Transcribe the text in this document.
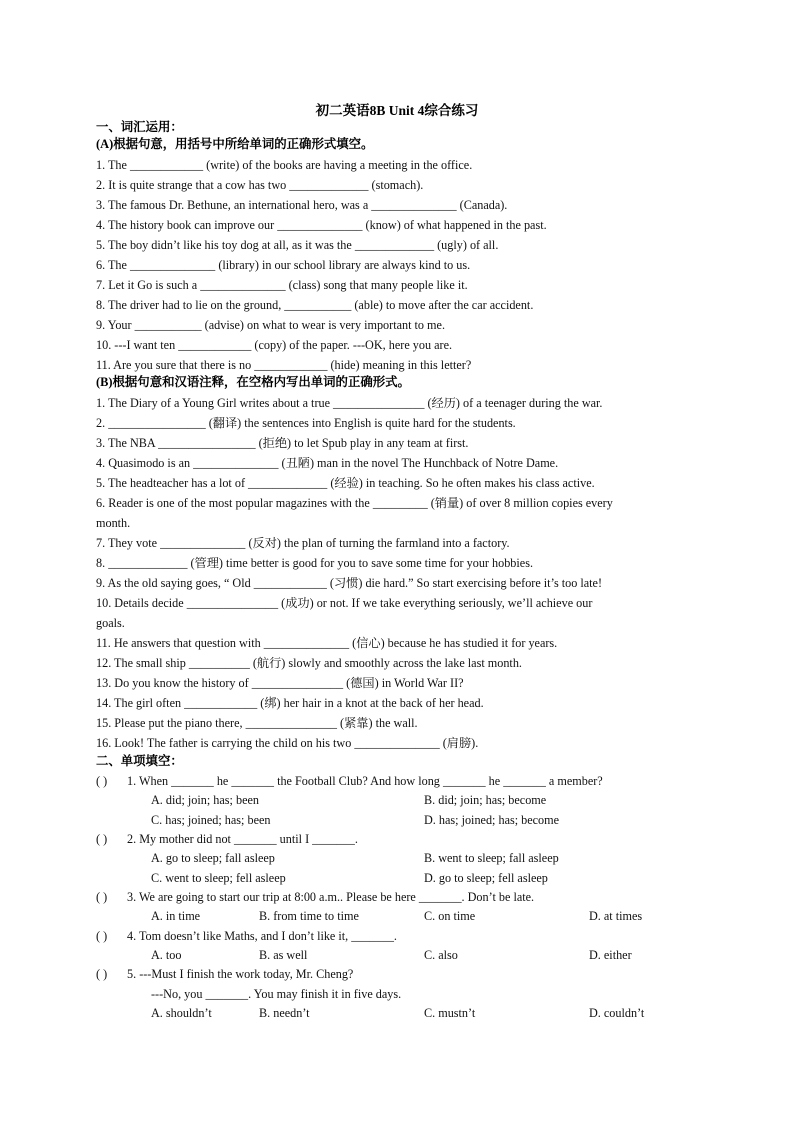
初二英语8B Unit 4综合练习

一、词汇运用：

(A)根据句意，用括号中所给单词的正确形式填空。

1. The ____________ (write) of the books are having a meeting in the office.

2. It is quite strange that a cow has two _____________ (stomach).

3. The famous Dr. Bethune, an international hero, was a ______________ (Canada).

4. The history book can improve our ______________ (know) of what happened in the past.

5. The boy didn’t like his toy dog at all, as it was the _____________ (ugly) of all.

6. The ______________ (library) in our school library are always kind to us.

7. Let it Go is such a ______________ (class) song that many people like it.

8. The driver had to lie on the ground, ___________ (able) to move after the car accident.

9. Your ___________ (advise) on what to wear is very important to me.

10. ---I want ten ____________ (copy) of the paper. ---OK, here you are.

11. Are you sure that there is no ____________ (hide) meaning in this letter?

(B)根据句意和汉语注释，在空格内写出单词的正确形式。

1. The Diary of a Young Girl writes about a true _______________ (经历) of a teenager during the war.

2. ________________ (翻译) the sentences into English is quite hard for the students.

3. The NBA ________________ (拒绝) to let Spub play in any team at first.

4. Quasimodo is an ______________ (丑陋) man in the novel The Hunchback of Notre Dame.

5. The headteacher has a lot of _____________ (经验) in teaching. So he often makes his class active.

6. Reader is one of the most popular magazines with the _________ (销量) of over 8 million copies every

month.

7. They vote ______________ (反对) the plan of turning the farmland into a factory.

8. _____________ (管理) time better is good for you to save some time for your hobbies.

9. As the old saying goes, “ Old ____________ (习惯) die hard.” So start exercising before it’s too late!

10. Details decide _______________ (成功) or not. If we take everything seriously, we’ll achieve our

goals.

11. He answers that question with ______________ (信心) because he has studied it for years.

12. The small ship __________ (航行) slowly and smoothly across the lake last month.

13. Do you know the history of _______________ (德国) in World War II?

14. The girl often ____________ (绑) her hair in a knot at the back of her head.

15. Please put the piano there, _______________ (紧靠) the wall.

16. Look! The father is carrying the child on his two ______________ (肩膀).

二、单项填空：

( ) 1. When _______ he _______ the Football Club? And how long _______ he _______ a member?
A. did; join; has; been	B. did; join; has; become
C. has; joined; has; been	D. has; joined; has; become
( ) 2. My mother did not _______ until I _______.
A. go to sleep; fall asleep	B. went to sleep; fall asleep
C. went to sleep; fell asleep	D. go to sleep; fell asleep
( ) 3. We are going to start our trip at 8:00 a.m.. Please be here _______. Don’t be late.
A. in time	B. from time to time	C. on time	D. at times
( ) 4. Tom doesn’t like Maths, and I don’t like it, _______.
A. too	B. as well	C. also	D. either
( ) 5. ---Must I finish the work today, Mr. Cheng?
---No, you _______. You may finish it in five days.
A. shouldn’t	B. needn’t	C. mustn’t	D. couldn’t
